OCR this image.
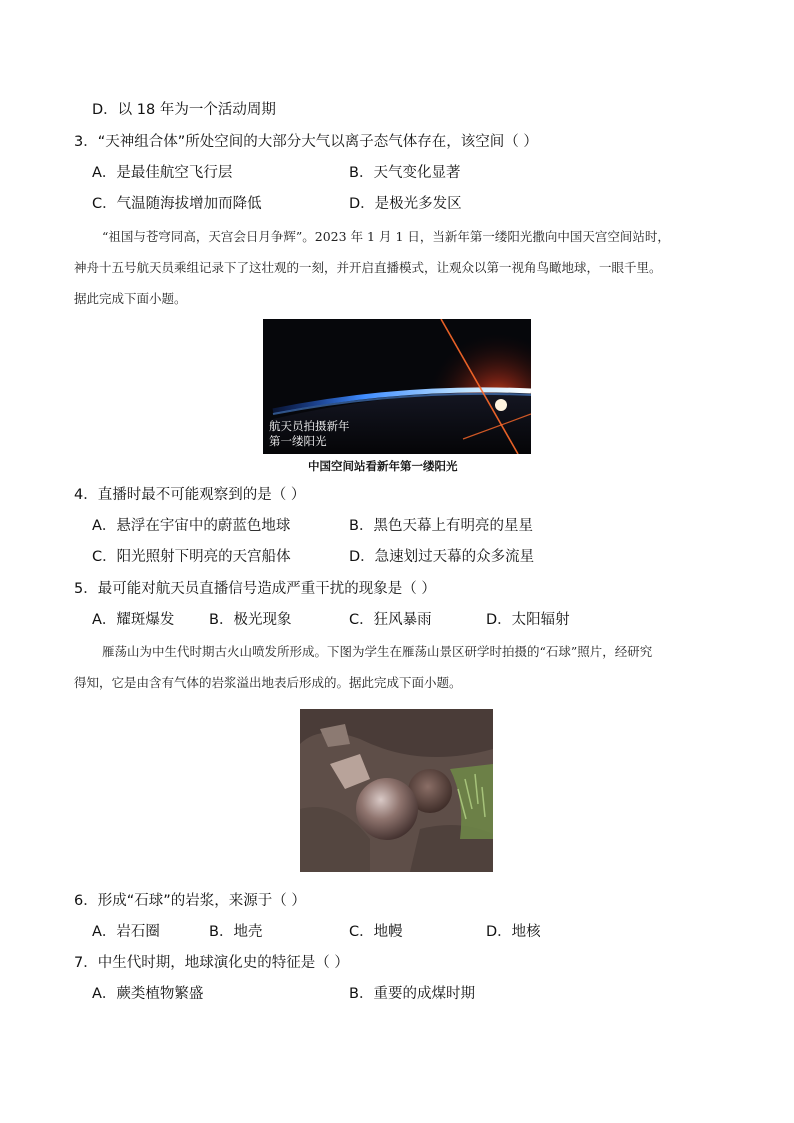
D．以 18 年为一个活动周期
3．“天神组合体”所处空间的大部分大气以离子态气体存在，该空间（ ）
A．是最佳航空飞行层	B．天气变化显著
C．气温随海拔增加而降低	D．是极光多发区
“祖国与苍穹同高，天宫会日月争辉”。2023 年 1 月 1 日，当新年第一缕阳光撒向中国天宫空间站时，
神舟十五号航天员乘组记录下了这壮观的一刻，并开启直播模式，让观众以第一视角鸟瞰地球，一眼千里。
据此完成下面小题。
航天员拍摄新年
第一缕阳光
中国空间站看新年第一缕阳光
4．直播时最不可能观察到的是（ ）
A．悬浮在宇宙中的蔚蓝色地球	B．黑色天幕上有明亮的星星
C．阳光照射下明亮的天宫船体	D．急速划过天幕的众多流星
5．最可能对航天员直播信号造成严重干扰的现象是（ ）
A．耀斑爆发 B．极光现象	C．狂风暴雨	D．太阳辐射
雁荡山为中生代时期古火山喷发所形成。下图为学生在雁荡山景区研学时拍摄的“石球”照片，经研究
得知，它是由含有气体的岩浆溢出地表后形成的。据此完成下面小题。
6．形成“石球”的岩浆，来源于（ ）
A．岩石圈	B．地壳	C．地幔	D．地核
7．中生代时期，地球演化史的特征是（ ）
A．蕨类植物繁盛	B．重要的成煤时期
